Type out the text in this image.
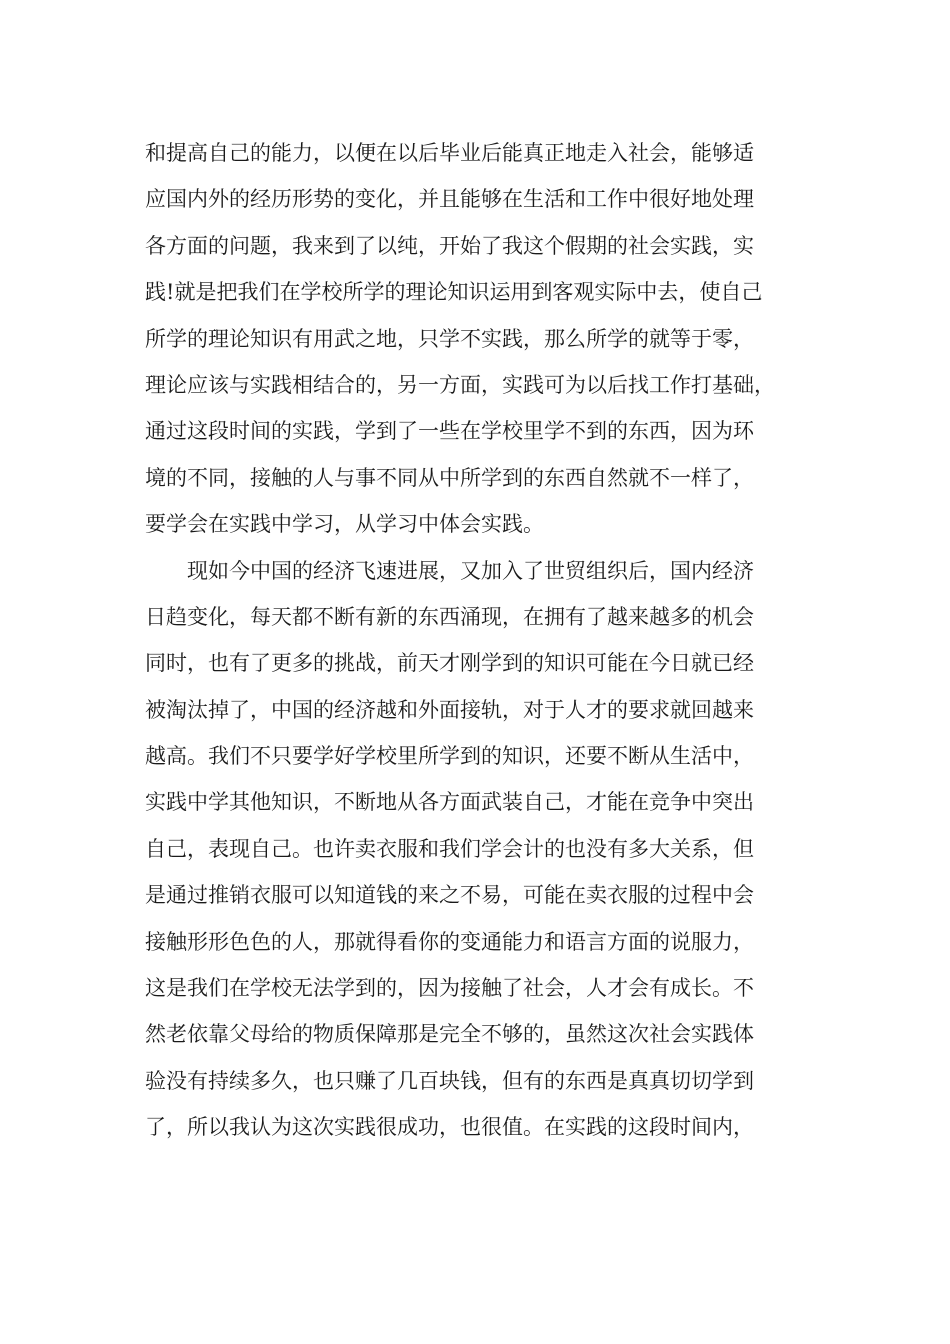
和提高自己的能力，以便在以后毕业后能真正地走入社会，能够适
应国内外的经历形势的变化，并且能够在生活和工作中很好地处理
各方面的问题，我来到了以纯，开始了我这个假期的社会实践，实
践!就是把我们在学校所学的理论知识运用到客观实际中去，使自己
所学的理论知识有用武之地，只学不实践，那么所学的就等于零，
理论应该与实践相结合的，另一方面，实践可为以后找工作打基础，
通过这段时间的实践，学到了一些在学校里学不到的东西，因为环
境的不同，接触的人与事不同从中所学到的东西自然就不一样了，
要学会在实践中学习，从学习中体会实践。
现如今中国的经济飞速进展，又加入了世贸组织后，国内经济
日趋变化，每天都不断有新的东西涌现，在拥有了越来越多的机会
同时，也有了更多的挑战，前天才刚学到的知识可能在今日就已经
被淘汰掉了，中国的经济越和外面接轨，对于人才的要求就回越来
越高。我们不只要学好学校里所学到的知识，还要不断从生活中，
实践中学其他知识，不断地从各方面武装自己，才能在竞争中突出
自己，表现自己。也许卖衣服和我们学会计的也没有多大关系，但
是通过推销衣服可以知道钱的来之不易，可能在卖衣服的过程中会
接触形形色色的人，那就得看你的变通能力和语言方面的说服力，
这是我们在学校无法学到的，因为接触了社会，人才会有成长。不
然老依靠父母给的物质保障那是完全不够的，虽然这次社会实践体
验没有持续多久，也只赚了几百块钱，但有的东西是真真切切学到
了，所以我认为这次实践很成功，也很值。在实践的这段时间内，
